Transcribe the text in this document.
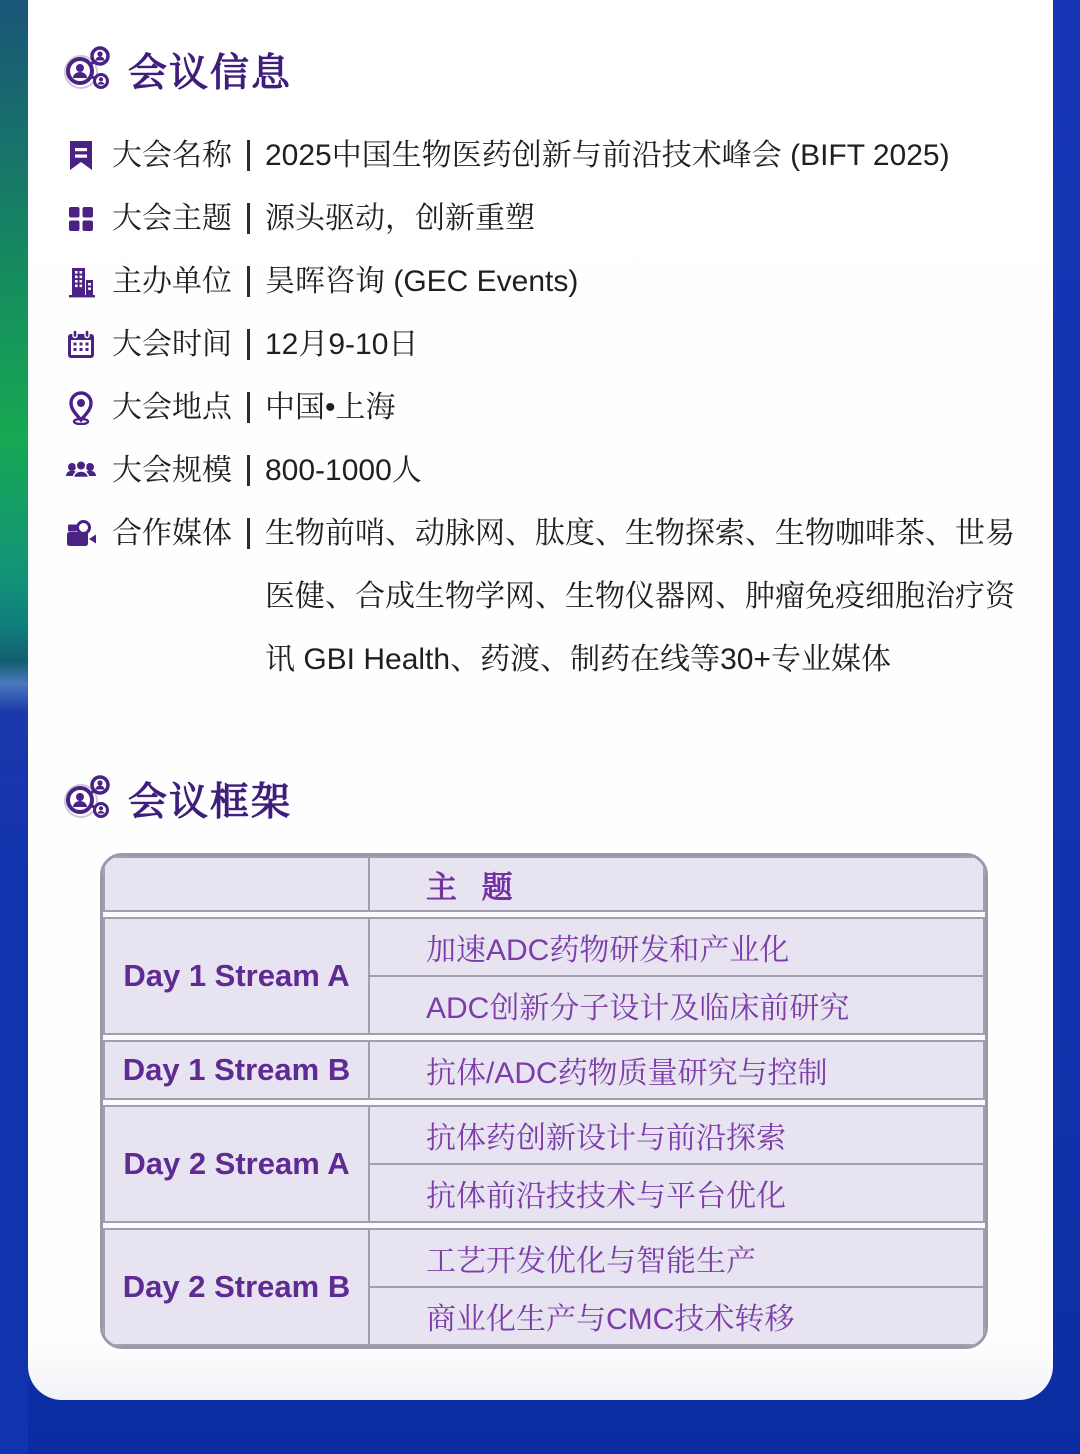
会议信息
大会名称 2025中国生物医药创新与前沿技术峰会 (BIFT 2025)
大会主题 源头驱动，创新重塑
主办单位 昊晖咨询 (GEC Events)
大会时间 12月9-10日
大会地点 中国•上海
大会规模 800-1000人
合作媒体 生物前哨、动脉网、肽度、生物探索、生物咖啡茶、世易医健、合成生物学网、生物仪器网、肿瘤免疫细胞治疗资讯 GBI Health、药渡、制药在线等30+专业媒体
会议框架
	主 题

Day 1 Stream A	加速ADC药物研发和产业化
	ADC创新分子设计及临床前研究

Day 1 Stream B	抗体/ADC药物质量研究与控制

Day 2 Stream A	抗体药创新设计与前沿探索
	抗体前沿技技术与平台优化

Day 2 Stream B	工艺开发优化与智能生产
	商业化生产与CMC技术转移
